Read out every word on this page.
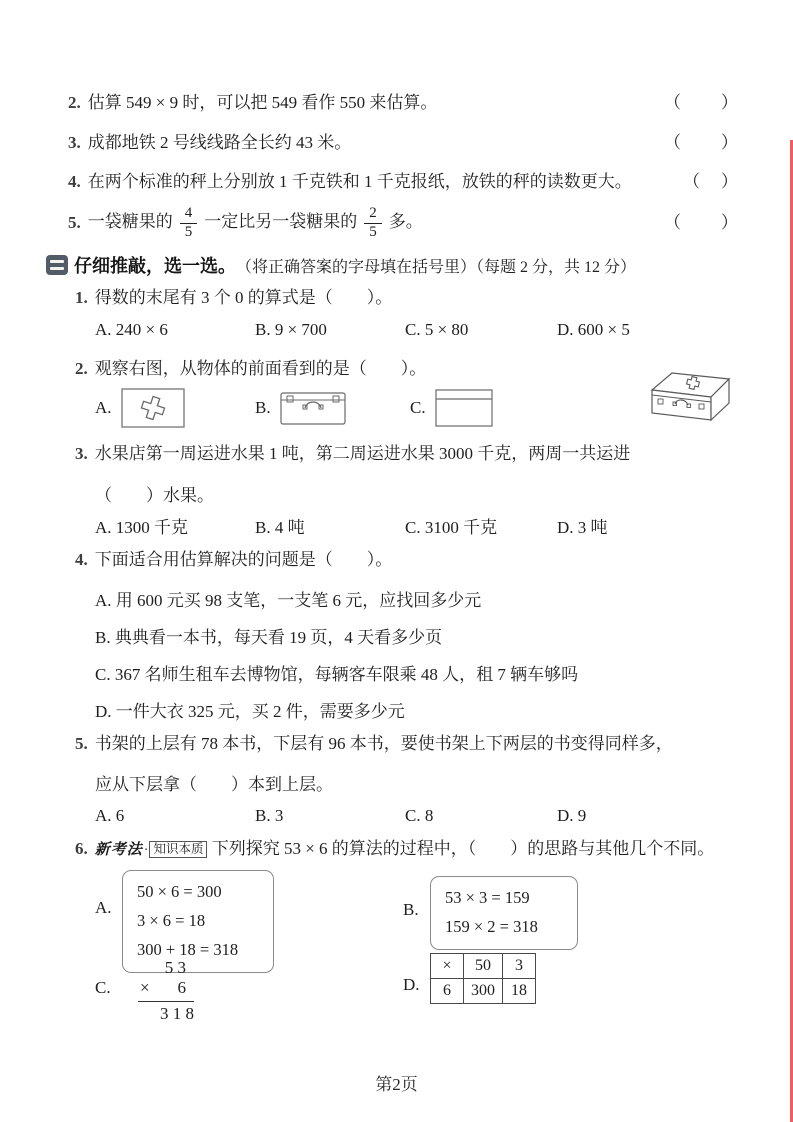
2. 估算 549 × 9 时，可以把 549 看作 550 来估算。	（　　）
3. 成都地铁 2 号线线路全长约 43 米。	（　　）
4. 在两个标准的秤上分别放 1 千克铁和 1 千克报纸，放铁的秤的读数更大。	（　）
5. 一袋糖果的 $\frac{4}{5}$ 一定比另一袋糖果的 $\frac{2}{5}$ 多。	（　　）
仔细推敲，选一选。 （将正确答案的字母填在括号里）（每题 2 分，共 12 分）
1. 得数的末尾有 3 个 0 的算式是（　　）。
A. 240 × 6	B. 9 × 700	C. 5 × 80	D. 600 × 5
2. 观察右图，从物体的前面看到的是（　　）。
A.	B.	C.
3. 水果店第一周运进水果 1 吨，第二周运进水果 3000 千克，两周一共运进
（　　）水果。
A. 1300 千克	B. 4 吨	C. 3100 千克	D. 3 吨
4. 下面适合用估算解决的问题是（　　）。
A. 用 600 元买 98 支笔，一支笔 6 元，应找回多少元
B. 典典看一本书，每天看 19 页，4 天看多少页
C. 367 名师生租车去博物馆，每辆客车限乘 48 人，租 7 辆车够吗
D. 一件大衣 325 元，买 2 件，需要多少元
5. 书架的上层有 78 本书，下层有 96 本书，要使书架上下两层的书变得同样多，
应从下层拿（　　）本到上层。
A. 6	B. 3	C. 8	D. 9
6. 新考法· 知识本质 下列探究 53 × 6 的算法的过程中，（　　）的思路与其他几个不同。
A.
50 × 6 = 300
3 × 6 = 18
300 + 18 = 318
B.
53 × 3 = 159
159 × 2 = 318
C.
5 3
× 6
3 1 8
D.
×	50	3
6	300	18
第2页
